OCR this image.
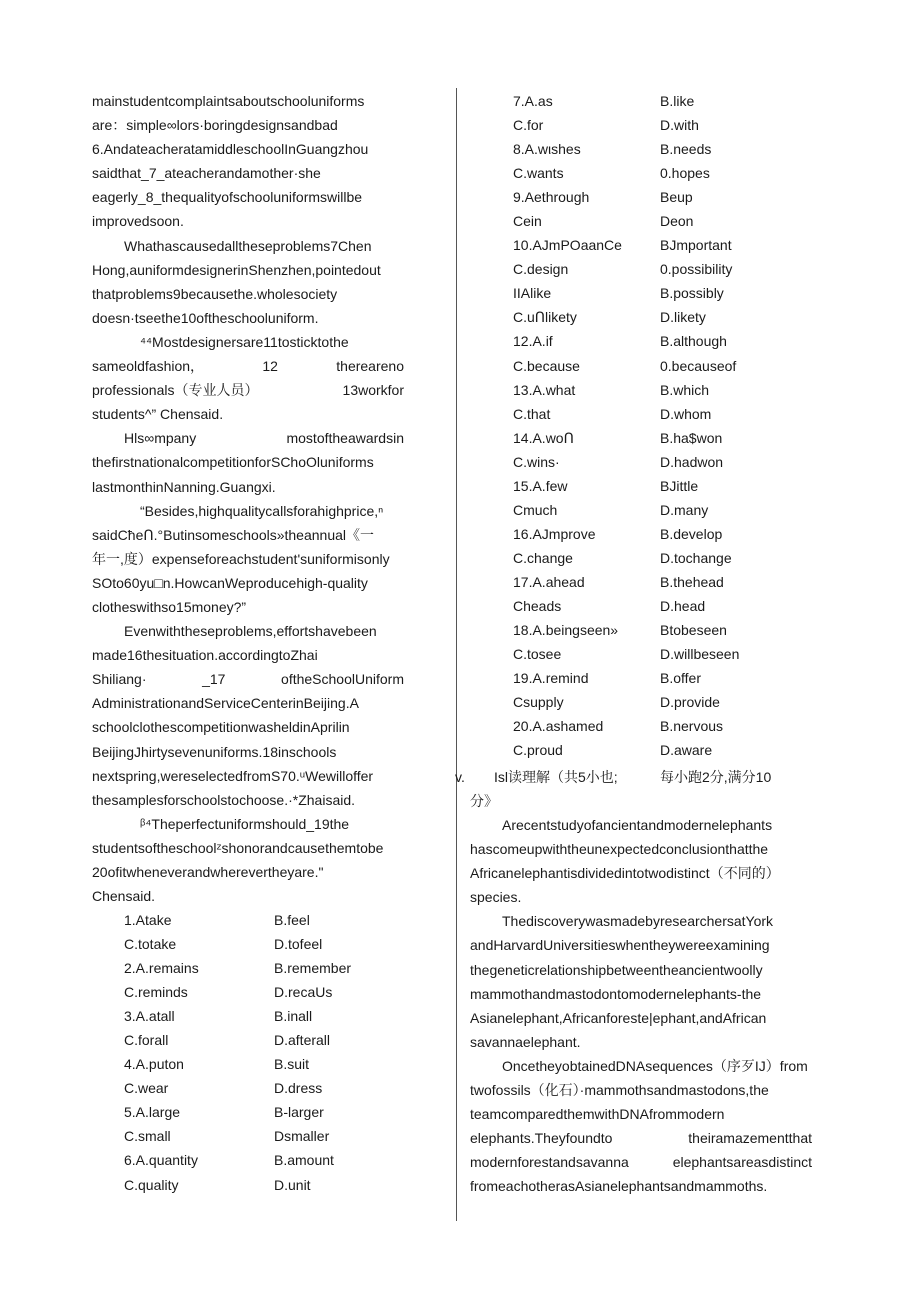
mainstudentcomplaintsaboutschooluniforms
are：simple∞lors·boringdesignsandbad
6.AndateacheratamiddleschoolInGuangzhou
saidthat_7_ateacherandamother·she
eagerly_8_thequalityofschooluniformswillbe
improvedsoon.
Whathascausedalltheseproblems7Chen
Hong,auniformdesignerinShenzhen,pointedout
thatproblems9becausethe.wholesociety
doesn·tseethe10oftheschooluniform.
⁴⁴Mostdesignersare11tosticktothe
sameoldfashion，	12	thereareno
professionals（专业人员）	13workfor
students^” Chensaid.
Hls∞mpany	mostoftheawardsin
thefirstnationalcompetitionforSChoOluniforms
lastmonthinNanning.Guangxi.
“Besides,highqualitycallsforahighprice,ⁿ
saidCħeՈ.°Butinsomeschools»theannual《一
年一,度）expenseforeachstudent'suniformisonly
SOto60yu□n.HowcanWeproducehigh-quality
clotheswithso15money?”
Evenwiththeseproblems,effortshavebeen
made16thesituation.accordingtoZhai
Shiliang·	_17	oftheSchoolUniform
AdministrationandServiceCenterinBeijing.A
schoolclothescompetitionwasheldinAprilin
BeijingJhirtysevenuniforms.18inschools
nextspring,wereselectedfromS70.ᵘWewilloffer
thesamplesforschoolstochoose.·*Zhaisaid.
ᵝ⁴Theperfectuniformshould_19the
studentsoftheschoolᶻshonorandcausethemtobe
20ofitwheneverandwherevertheyare."
Chensaid.
1.Atake	B.feel
C.totake	D.tofeel
2.A.remains	B.remember
C.reminds	D.recaUs
3.A.atall	B.inall
C.forall	D.afterall
4.A.puton	B.suit
C.wear	D.dress
5.A.large	B-larger
C.small	Dsmaller
6.A.quantity	B.amount
C.quality	D.unit
7.A.as	B.like
C.for	D.with
8.A.wιshes	B.needs
C.wants	0.hopes
9.Aethrough	Beup
Cein	Deon
10.AJmPOaanCe	BJmportant
C.design	0.possibility
IIAlike	B.possibly
C.uՈlikety	D.likety
12.A.if	B.although
C.because	0.becauseof
13.A.what	B.which
C.that	D.whom
14.A.woՈ	B.ha$won
C.wins·	D.hadwon
15.A.few	BJittle
Cmuch	D.many
16.AJmprove	B.develop
C.change	D.tochange
17.A.ahead	B.thehead
Cheads	D.head
18.A.beingseen»	Btobeseen
C.tosee	D.willbeseen
19.A.remind	B.offer
Csupply	D.provide
20.A.ashamed	B.nervous
C.proud	D.aware
v. Isl读理解（共5小也;	每小跑2分,满分10
分》
Arecentstudyofancientandmodernelephants
hascomeupwiththeunexpectedconclusionthatthe
Africanelephantisdividedintotwodistinct（不同的）
species.
ThediscoverywasmadebyresearchersatYork
andHarvardUniversitieswhentheywereexamining
thegeneticrelationshipbetweentheancientwoolly
mammothandmastodontomodernelephants-the
Asianelephant,Africanforeste|ephant,andAfrican
savannaelephant.
OncetheyobtainedDNAsequences（序歹IJ）from
twofossils（化石）·mammothsandmastodons,the
teamcomparedthemwithDNAfrommodern
elephants.Theyfoundto	theiramazementthat
modernforestandsavanna	elephantsareasdistinct
fromeachotherasAsianelephantsandmammoths.
